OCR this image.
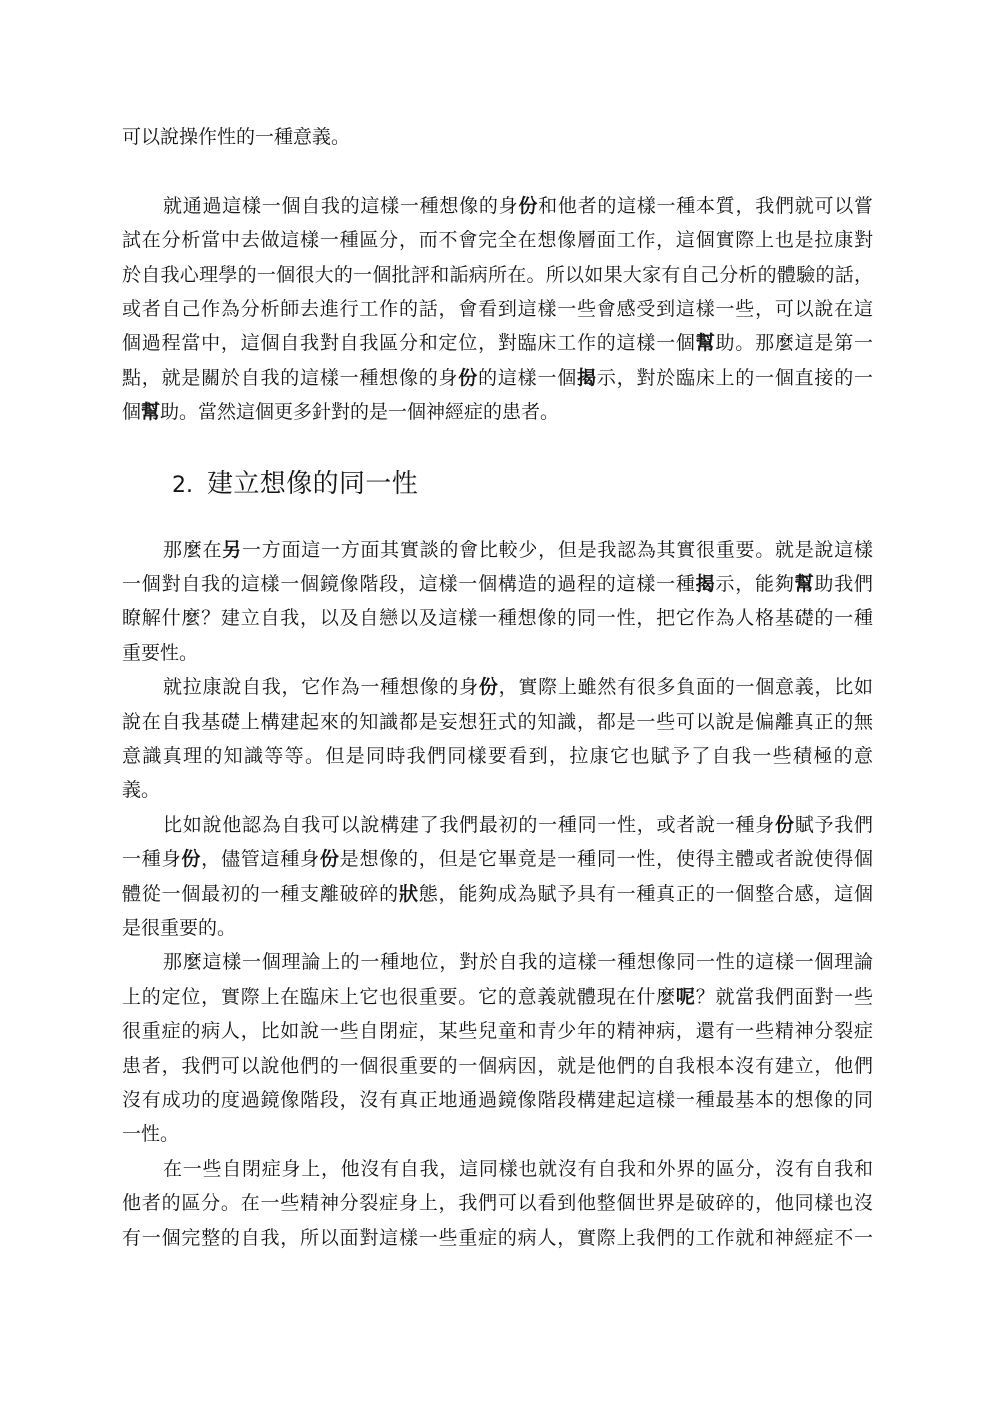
可以說操作性的一種意義。
就通過這樣一個自我的這樣一種想像的身份和他者的這樣一種本質，我們就可以嘗
試在分析當中去做這樣一種區分，而不會完全在想像層面工作，這個實際上也是拉康對
於自我心理學的一個很大的一個批評和詬病所在。所以如果大家有自己分析的體驗的話，
或者自己作為分析師去進行工作的話，會看到這樣一些會感受到這樣一些，可以說在這
個過程當中，這個自我對自我區分和定位，對臨床工作的這樣一個幫助。那麼這是第一
點，就是關於自我的這樣一種想像的身份的這樣一個揭示，對於臨床上的一個直接的一
個幫助。當然這個更多針對的是一個神經症的患者。
2. 建立想像的同一性
那麼在另一方面這一方面其實談的會比較少，但是我認為其實很重要。就是說這樣
一個對自我的這樣一個鏡像階段，這樣一個構造的過程的這樣一種揭示，能夠幫助我們
瞭解什麼？建立自我，以及自戀以及這樣一種想像的同一性，把它作為人格基礎的一種
重要性。
就拉康說自我，它作為一種想像的身份，實際上雖然有很多負面的一個意義，比如
說在自我基礎上構建起來的知識都是妄想狂式的知識，都是一些可以說是偏離真正的無
意識真理的知識等等。但是同時我們同樣要看到，拉康它也賦予了自我一些積極的意
義。
比如說他認為自我可以說構建了我們最初的一種同一性，或者說一種身份賦予我們
一種身份，儘管這種身份是想像的，但是它畢竟是一種同一性，使得主體或者說使得個
體從一個最初的一種支離破碎的狀態，能夠成為賦予具有一種真正的一個整合感，這個
是很重要的。
那麼這樣一個理論上的一種地位，對於自我的這樣一種想像同一性的這樣一個理論
上的定位，實際上在臨床上它也很重要。它的意義就體現在什麼呢？就當我們面對一些
很重症的病人，比如說一些自閉症，某些兒童和青少年的精神病，還有一些精神分裂症
患者，我們可以說他們的一個很重要的一個病因，就是他們的自我根本沒有建立，他們
沒有成功的度過鏡像階段，沒有真正地通過鏡像階段構建起這樣一種最基本的想像的同
一性。
在一些自閉症身上，他沒有自我，這同樣也就沒有自我和外界的區分，沒有自我和
他者的區分。在一些精神分裂症身上，我們可以看到他整個世界是破碎的，他同樣也沒
有一個完整的自我，所以面對這樣一些重症的病人，實際上我們的工作就和神經症不一
